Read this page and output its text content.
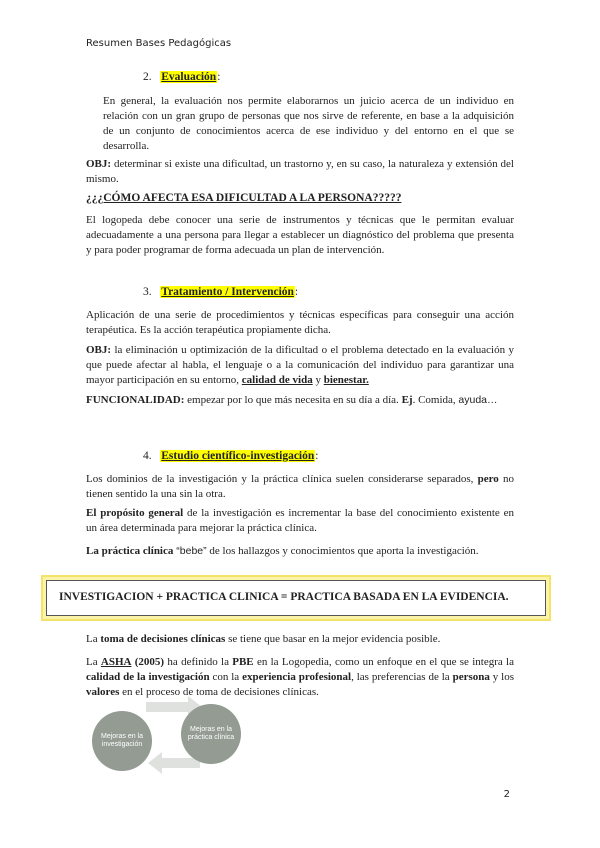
Resumen Bases Pedagógicas
2. Evaluación:
En general, la evaluación nos permite elaborarnos un juicio acerca de un individuo en relación con un gran grupo de personas que nos sirve de referente, en base a la adquisición de un conjunto de conocimientos acerca de ese individuo y del entorno en el que se desarrolla.
OBJ: determinar si existe una dificultad, un trastorno y, en su caso, la naturaleza y extensión del mismo.
¿¿¿CÓMO AFECTA ESA DIFICULTAD A LA PERSONA?????
El logopeda debe conocer una serie de instrumentos y técnicas que le permitan evaluar adecuadamente a una persona para llegar a establecer un diagnóstico del problema que presenta y para poder programar de forma adecuada un plan de intervención.
3. Tratamiento / Intervención:
Aplicación de una serie de procedimientos y técnicas específicas para conseguir una acción terapéutica. Es la acción terapéutica propiamente dicha.
OBJ: la eliminación u optimización de la dificultad o el problema detectado en la evaluación y que puede afectar al habla, el lenguaje o a la comunicación del individuo para garantizar una mayor participación en su entorno, calidad de vida y bienestar.
FUNCIONALIDAD: empezar por lo que más necesita en su día a día. Ej. Comida, ayuda…
4. Estudio científico-investigación:
Los dominios de la investigación y la práctica clínica suelen considerarse separados, pero no tienen sentido la una sin la otra.
El propósito general de la investigación es incrementar la base del conocimiento existente en un área determinada para mejorar la práctica clínica.
La práctica clínica “bebe” de los hallazgos y conocimientos que aporta la investigación.
INVESTIGACION + PRACTICA CLINICA = PRACTICA BASADA EN LA EVIDENCIA.
La toma de decisiones clínicas se tiene que basar en la mejor evidencia posible.
La ASHA (2005) ha definido la PBE en la Logopedia, como un enfoque en el que se integra la calidad de la investigación con la experiencia profesional, las preferencias de la persona y los valores en el proceso de toma de decisiones clínicas.
Mejoras en la investigación
Mejoras en la práctica clínica
2
